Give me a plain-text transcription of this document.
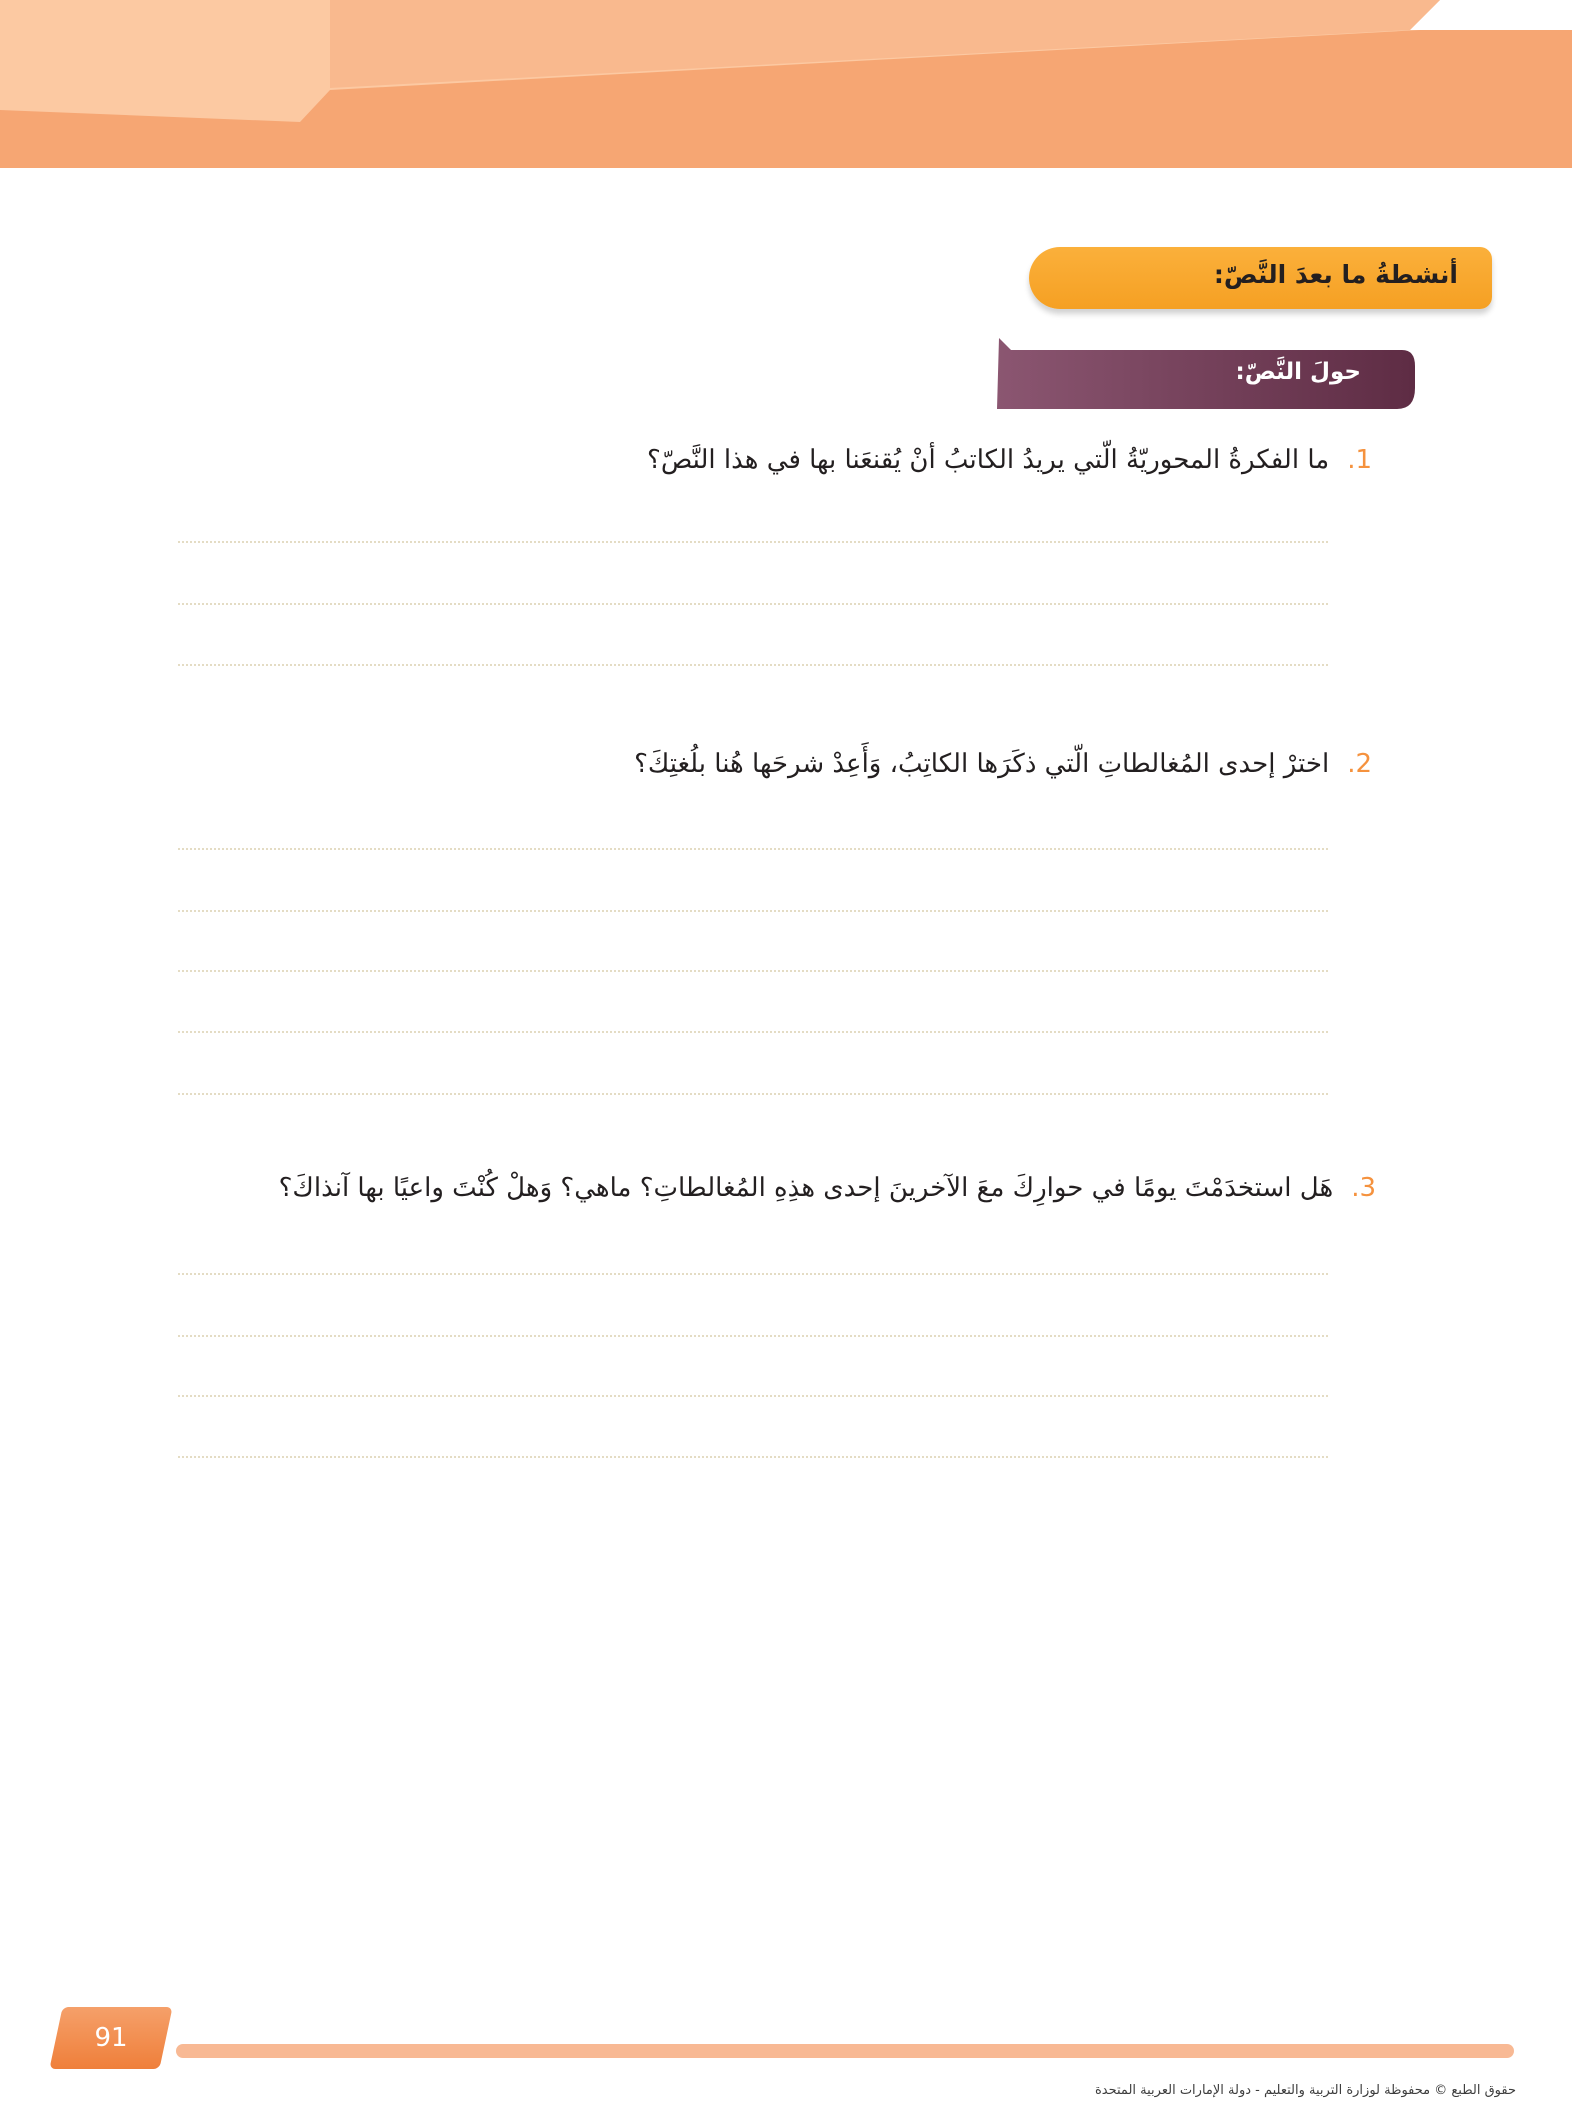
أنشطةُ ما بعدَ النَّصّ:
حولَ النَّصّ:
1.ما الفكرةُ المحوريّةُ الّتي يريدُ الكاتبُ أنْ يُقنعَنا بها في هذا النَّصّ؟
2.اخترْ إحدى المُغالطاتِ الّتي ذكَرَها الكاتِبُ، وَأَعِدْ شرحَها هُنا بلُغتِكَ؟
3.هَل استخدَمْتَ يومًا في حوارِكَ معَ الآخرينَ إحدى هذِهِ المُغالطاتِ؟ ماهي؟ وَهلْ كُنْتَ واعيًا بها آنذاكَ؟
91
حقوق الطبع © محفوظة لوزارة التربية والتعليم - دولة الإمارات العربية المتحدة
